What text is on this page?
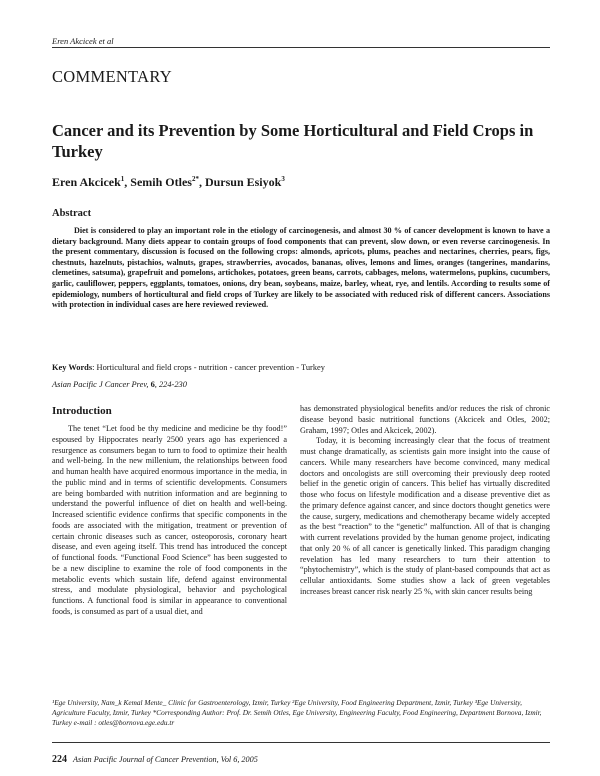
Eren Akcicek et al
COMMENTARY
Cancer and its Prevention by Some Horticultural and Field Crops in Turkey
Eren Akcicek$^1$, Semih Otles$^{2*}$, Dursun Esiyok$^3$
Abstract
Diet is considered to play an important role in the etiology of carcinogenesis, and almost 30 % of cancer development is known to have a dietary background. Many diets appear to contain groups of food components that can prevent, slow down, or even reverse carcinogenesis. In the present commentary, discussion is focused on the following crops: almonds, apricots, plums, peaches and nectarines, cherries, pears, figs, chestnuts, hazelnuts, pistachios, walnuts, grapes, strawberries, avocados, bananas, olives, lemons and limes, oranges (tangerines, mandarins, clemetines, satsuma), grapefruit and pomelons, artichokes, potatoes, green beans, carrots, cabbages, melons, watermelons, pupkins, cucumbers, garlic, cauliflower, peppers, eggplants, tomatoes, onions, dry bean, soybeans, maize, barley, wheat, rye, and lentils. According to results some of epidemiology, numbers of horticultural and field crops of Turkey are likely to be associated with reduced risk of different cancers. Associations with protection in individual cases are here reviewed reviewed.
Key Words: Horticultural and field crops - nutrition - cancer prevention - Turkey
Asian Pacific J Cancer Prev, 6, 224-230
Introduction

The tenet “Let food be thy medicine and medicine be thy food!” espoused by Hippocrates nearly 2500 years ago has experienced a resurgence as consumers began to turn to food to optimize their health and well-being. In the new millenium, the relationships between food and human health have acquired enormous importance in the media, in the public mind and in terms of scientific developments. Consumers are being bombarded with nutrition information and are beginning to understand the powerful influence of diet on health and well-being. Increased scientific evidence confirms that specific components in the foods are associated with the mitigation, treatment or prevention of certain chronic diseases such as cancer, osteoporosis, coronary heart disease, and even ageing itself. This trend has introduced the concept of functional foods. “Functional Food Science” has been suggested to be a new discipline to examine the role of food components in the metabolic events which sustain life, defend against environmental stress, and modulate physiological, behavior and psychological functions. A functional food is similar in appearance to conventional foods, is consumed as part of a usual diet, and

has demonstrated physiological benefits and/or reduces the risk of chronic disease beyond basic nutritional functions (Akcicek and Otles, 2002; Graham, 1997; Otles and Akcicek, 2002).

Today, it is becoming increasingly clear that the focus of treatment must change dramatically, as scientists gain more insight into the cause of cancers. While many researchers have become convinced, many medical doctors and oncologists are still overcoming their previously deep rooted belief in the genetic origin of cancers. This belief has virtually discredited those who focus on lifestyle modification and a disease preventive diet as the primary defence against cancer, and since doctors thought genetics were the cause, surgery, medications and chemotherapy became widely accepted as the best “reaction” to the “genetic” malfunction. All of that is changing with current revelations provided by the human genome project, indicating that only 20 % of all cancer is genetically linked. This paradigm changing revelation has led many researchers to turn their attention to “phytochemistry”, which is the study of plant-based compounds that act as cellular antioxidants. Some studies show a lack of green vegetables increases breast cancer risk nearly 25 %, with skin cancer results being

¹Ege University, Nam_k Kemal Mente_ Clinic for Gastroenterology, Izmir, Turkey ²Ege University, Food Engineering Department, Izmir, Turkey ³Ege University, Agriculture Faculty, Izmir, Turkey *Corresponding Author: Prof. Dr. Semih Otles, Ege University, Engineering Faculty, Food Engineering, Department Bornova, Izmir, Turkey e-mail : otles@bornova.ege.edu.tr
224 Asian Pacific Journal of Cancer Prevention, Vol 6, 2005
